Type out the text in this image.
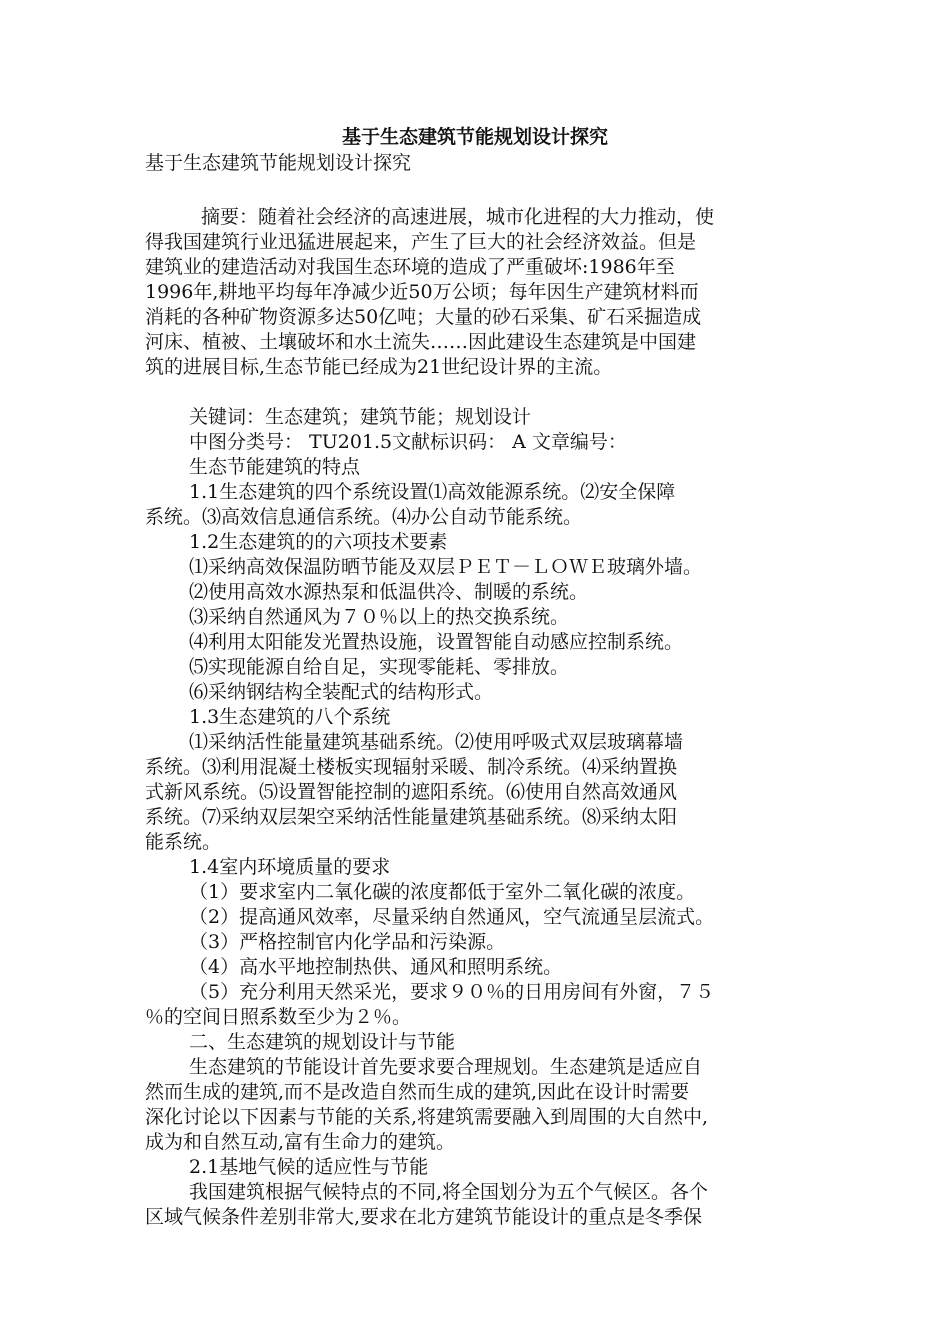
基于生态建筑节能规划设计探究
基于生态建筑节能规划设计探究
摘要：随着社会经济的高速进展，城市化进程的大力推动，使
得我国建筑行业迅猛进展起来，产生了巨大的社会经济效益。但是
建筑业的建造活动对我国生态环境的造成了严重破坏:1986年至
1996年,耕地平均每年净减少近50万公顷；每年因生产建筑材料而
消耗的各种矿物资源多达50亿吨；大量的砂石采集、矿石采掘造成
河床、植被、土壤破坏和水土流失……因此建设生态建筑是中国建
筑的进展目标,生态节能已经成为21世纪设计界的主流。
关键词：生态建筑；建筑节能；规划设计
中图分类号： TU201.5文献标识码： A 文章编号：
生态节能建筑的特点
1.1生态建筑的四个系统设置⑴高效能源系统。⑵安全保障
系统。⑶高效信息通信系统。⑷办公自动节能系统。
1.2生态建筑的的六项技术要素
⑴采纳高效保温防晒节能及双层ＰＥＴ－ＬＯＷＥ玻璃外墙。
⑵使用高效水源热泵和低温供冷、制暖的系统。
⑶采纳自然通风为７０％以上的热交换系统。
⑷利用太阳能发光置热设施，设置智能自动感应控制系统。
⑸实现能源自给自足，实现零能耗、零排放。
⑹采纳钢结构全装配式的结构形式。
1.3生态建筑的八个系统
⑴采纳活性能量建筑基础系统。⑵使用呼吸式双层玻璃幕墙
系统。⑶利用混凝土楼板实现辐射采暖、制冷系统。⑷采纳置换
式新风系统。⑸设置智能控制的遮阳系统。⑹使用自然高效通风
系统。⑺采纳双层架空采纳活性能量建筑基础系统。⑻采纳太阳
能系统。
1.4室内环境质量的要求
（1）要求室内二氧化碳的浓度都低于室外二氧化碳的浓度。
（2）提高通风效率，尽量采纳自然通风，空气流通呈层流式。
（3）严格控制官内化学品和污染源。
（4）高水平地控制热供、通风和照明系统。
（5）充分利用天然采光，要求９０％的日用房间有外窗，７５
％的空间日照系数至少为２％。
二、生态建筑的规划设计与节能
生态建筑的节能设计首先要求要合理规划。生态建筑是适应自
然而生成的建筑,而不是改造自然而生成的建筑,因此在设计时需要
深化讨论以下因素与节能的关系,将建筑需要融入到周围的大自然中,
成为和自然互动,富有生命力的建筑。
2.1基地气候的适应性与节能
我国建筑根据气候特点的不同,将全国划分为五个气候区。各个
区域气候条件差别非常大,要求在北方建筑节能设计的重点是冬季保
